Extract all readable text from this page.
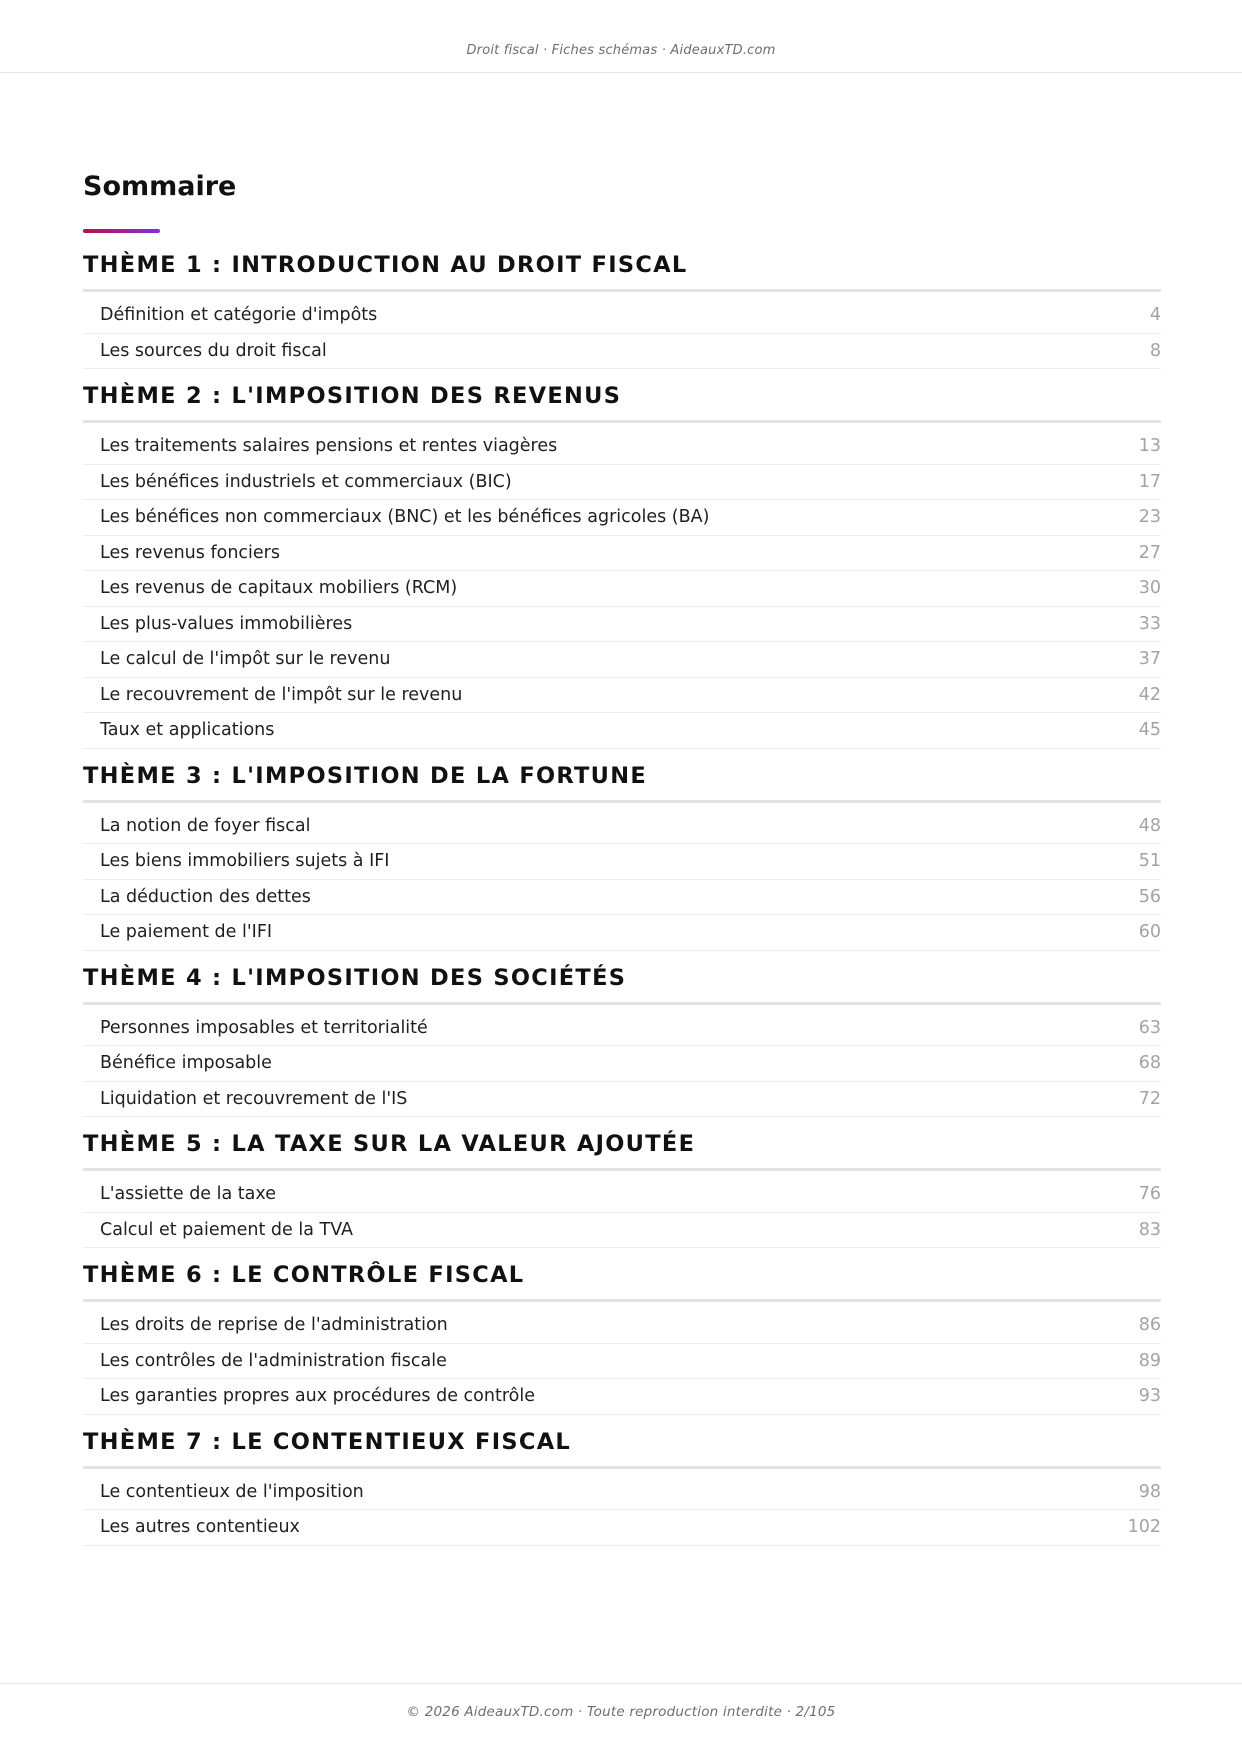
Droit fiscal · Fiches schémas · AideauxTD.com
Sommaire
THÈME 1 : INTRODUCTION AU DROIT FISCAL
Définition et catégorie d'impôts	4
Les sources du droit fiscal	8
THÈME 2 : L'IMPOSITION DES REVENUS
Les traitements salaires pensions et rentes viagères	13
Les bénéfices industriels et commerciaux (BIC)	17
Les bénéfices non commerciaux (BNC) et les bénéfices agricoles (BA)	23
Les revenus fonciers	27
Les revenus de capitaux mobiliers (RCM)	30
Les plus-values immobilières	33
Le calcul de l'impôt sur le revenu	37
Le recouvrement de l'impôt sur le revenu	42
Taux et applications	45
THÈME 3 : L'IMPOSITION DE LA FORTUNE
La notion de foyer fiscal	48
Les biens immobiliers sujets à IFI	51
La déduction des dettes	56
Le paiement de l'IFI	60
THÈME 4 : L'IMPOSITION DES SOCIÉTÉS
Personnes imposables et territorialité	63
Bénéfice imposable	68
Liquidation et recouvrement de l'IS	72
THÈME 5 : LA TAXE SUR LA VALEUR AJOUTÉE
L'assiette de la taxe	76
Calcul et paiement de la TVA	83
THÈME 6 : LE CONTRÔLE FISCAL
Les droits de reprise de l'administration	86
Les contrôles de l'administration fiscale	89
Les garanties propres aux procédures de contrôle	93
THÈME 7 : LE CONTENTIEUX FISCAL
Le contentieux de l'imposition	98
Les autres contentieux	102
© 2026 AideauxTD.com · Toute reproduction interdite · 2/105
